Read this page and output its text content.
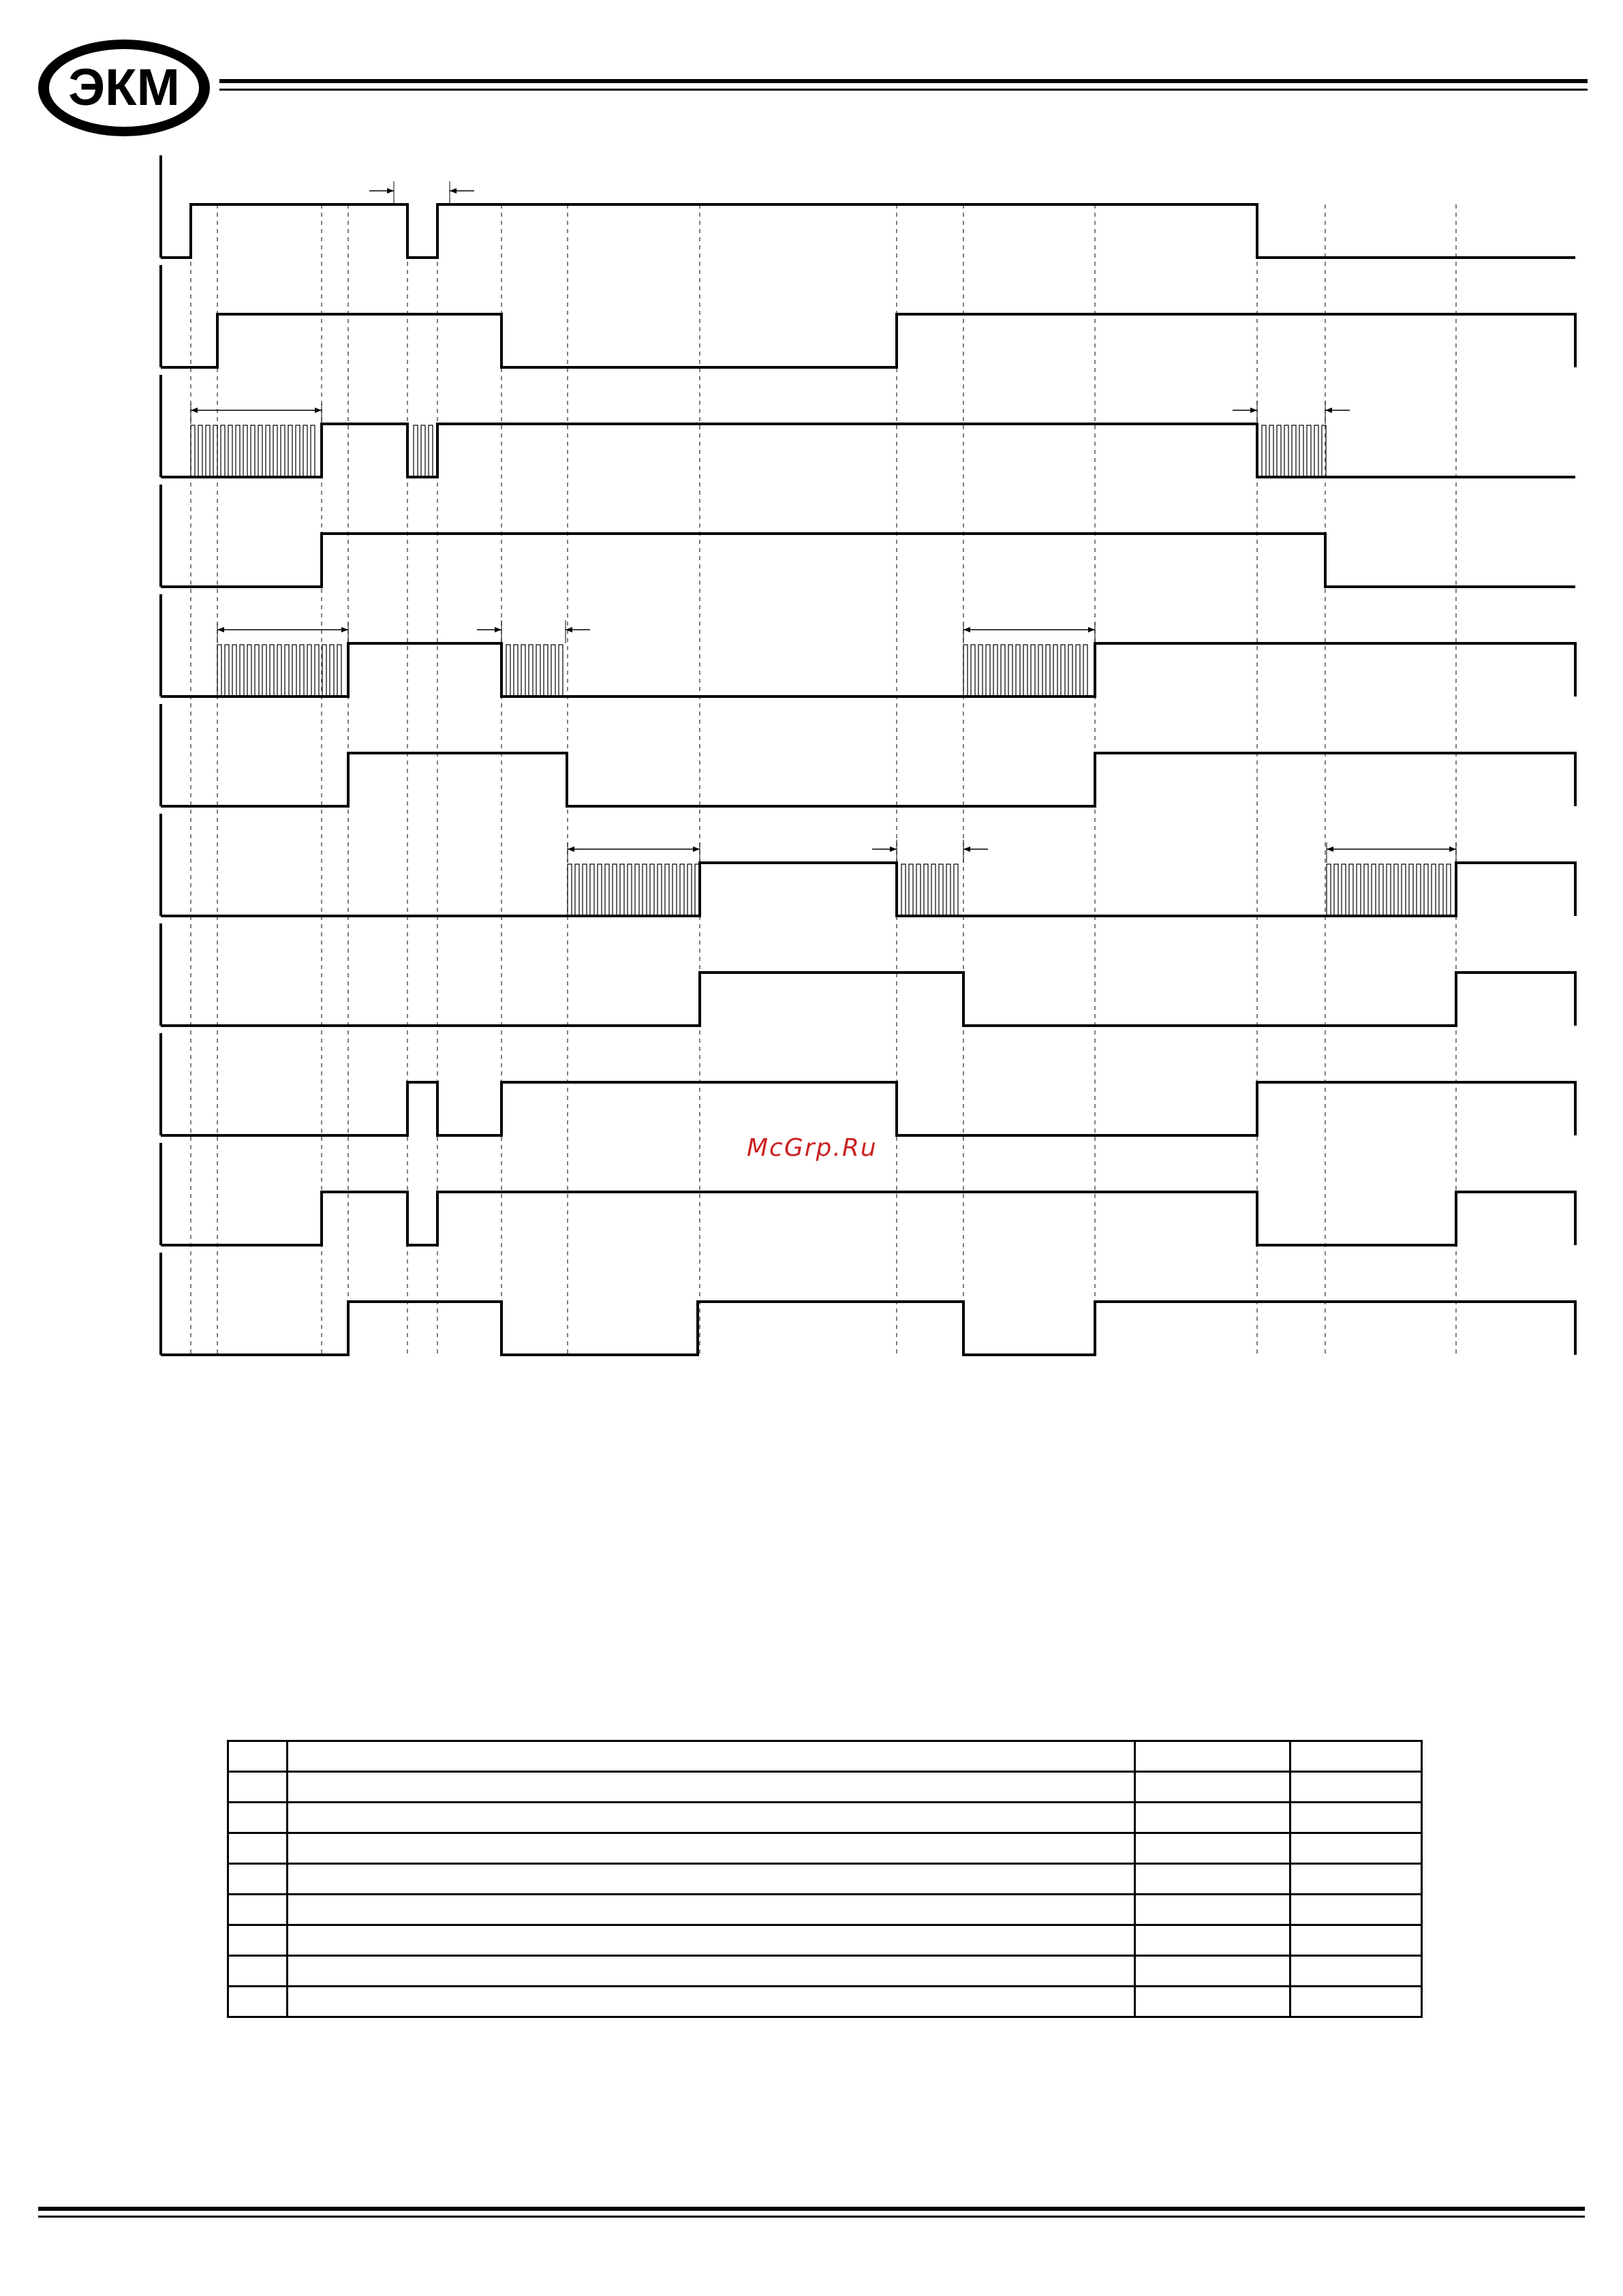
ЭКМ
McGrp.Ru
